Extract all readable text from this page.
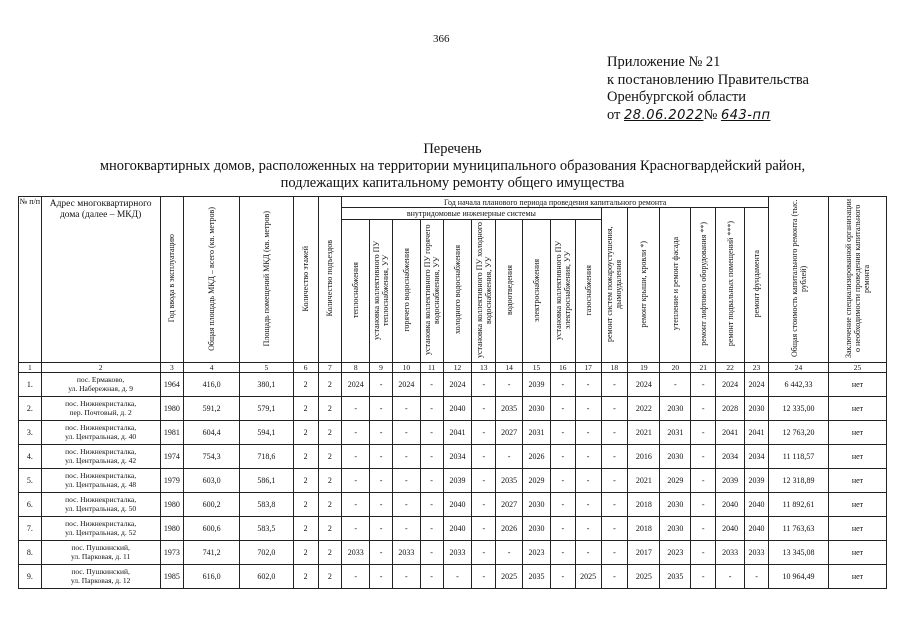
366
Приложение № 21
к постановлению Правительства
Оренбургской области
от 28.06.2022№ 643-пп
Перечень
многоквартирных домов, расположенных на территории муниципального образования Красногвардейский район,
подлежащих капитальному ремонту общего имущества
№ п/п	Адрес многоквартирного дома (далее – МКД)	Год ввода в эксплуатацию	Общая площадь МКД – всего (кв. метров)	Площадь помещений МКД (кв. метров)	Количество этажей	Количество подъездов	Год начала планового периода проведения капитального ремонта																Общая стоимость капитального ремонта (тыс. рублей)	Заключение специализированной организации о необходимости проведения капитального ремонта
							внутридомовые инженерные системы										ремонт систем пожароустушения, дымоудаления	ремонт крыши, кровли *)	утепление и ремонт фасада	ремонт лифтового оборудования **)	ремонт подвальных помещений ***)	ремонт фундамента		
							теплоснабжения	установка коллективного ПУ теплоснабжения, УУ	горячего водоснабжения	установка коллективного ПУ горячего водоснабжения, УУ	холодного водоснабжения	установка коллективного ПУ холодного водоснабжения, УУ	водоотведения	электроснабжения	установка коллективного ПУ электроснабжения, УУ	газоснабжения								
1	2	3	4	5	6	7	8	9	10	11	12	13	14	15	16	17	18	19	20	21	22	23	24	25
1.	пос. Ермаково,
ул. Набережная, д. 9	1964	416,0	380,1	2	2	2024	-	2024	-	2024	-	-	2039	-	-	-	2024	-	-	2024	2024	6 442,33	нет
2.	пос. Нижнекристалка,
пер. Почтовый, д. 2	1980	591,2	579,1	2	2	-	-	-	-	2040	-	2035	2030	-	-	-	2022	2030	-	2028	2030	12 335,00	нет
3.	пос. Нижнекристалка,
ул. Центральная, д. 40	1981	604,4	594,1	2	2	-	-	-	-	2041	-	2027	2031	-	-	-	2021	2031	-	2041	2041	12 763,20	нет
4.	пос. Нижнекристалка,
ул. Центральная, д. 42	1974	754,3	718,6	2	2	-	-	-	-	2034	-	-	2026	-	-	-	2016	2030	-	2034	2034	11 118,57	нет
5.	пос. Нижнекристалка,
ул. Центральная, д. 48	1979	603,0	586,1	2	2	-	-	-	-	2039	-	2035	2029	-	-	-	2021	2029	-	2039	2039	12 318,89	нет
6.	пос. Нижнекристалка,
ул. Центральная, д. 50	1980	600,2	583,8	2	2	-	-	-	-	2040	-	2027	2030	-	-	-	2018	2030	-	2040	2040	11 892,61	нет
7.	пос. Нижнекристалка,
ул. Центральная, д. 52	1980	600,6	583,5	2	2	-	-	-	-	2040	-	2026	2030	-	-	-	2018	2030	-	2040	2040	11 763,63	нет
8.	пос. Пушкинский,
ул. Парковая, д. 11	1973	741,2	702,0	2	2	2033	-	2033	-	2033	-	-	2023	-	-	-	2017	2023	-	2033	2033	13 345,08	нет
9.	пос. Пушкинский,
ул. Парковая, д. 12	1985	616,0	602,0	2	2	-	-	-	-	-	-	2025	2035	-	2025	-	2025	2035	-	-	-	10 964,49	нет
